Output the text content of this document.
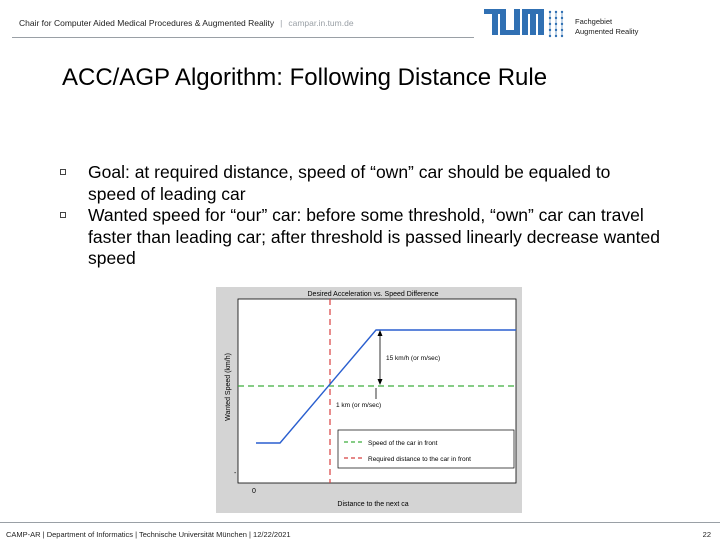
Chair for Computer Aided Medical Procedures & Augmented Reality | campar.in.tum.de	Fachgebiet
Augmented Reality
ACC/AGP Algorithm: Following Distance Rule
Goal: at required distance, speed of “own” car should be equaled to speed of leading car
Wanted speed for “our” car: before some threshold, “own” car can travel faster than leading car; after threshold is passed linearly decrease wanted speed
Desired Acceleration vs. Speed Difference
Wanted Speed (km/h)
-
0
Distance to the next ca
15 km/h (or m/sec)
1 km (or m/sec)
Speed of the car in front
Required distance to the car in front
CAMP-AR | Department of Informatics | Technische Universität München | 12/22/2021	22
